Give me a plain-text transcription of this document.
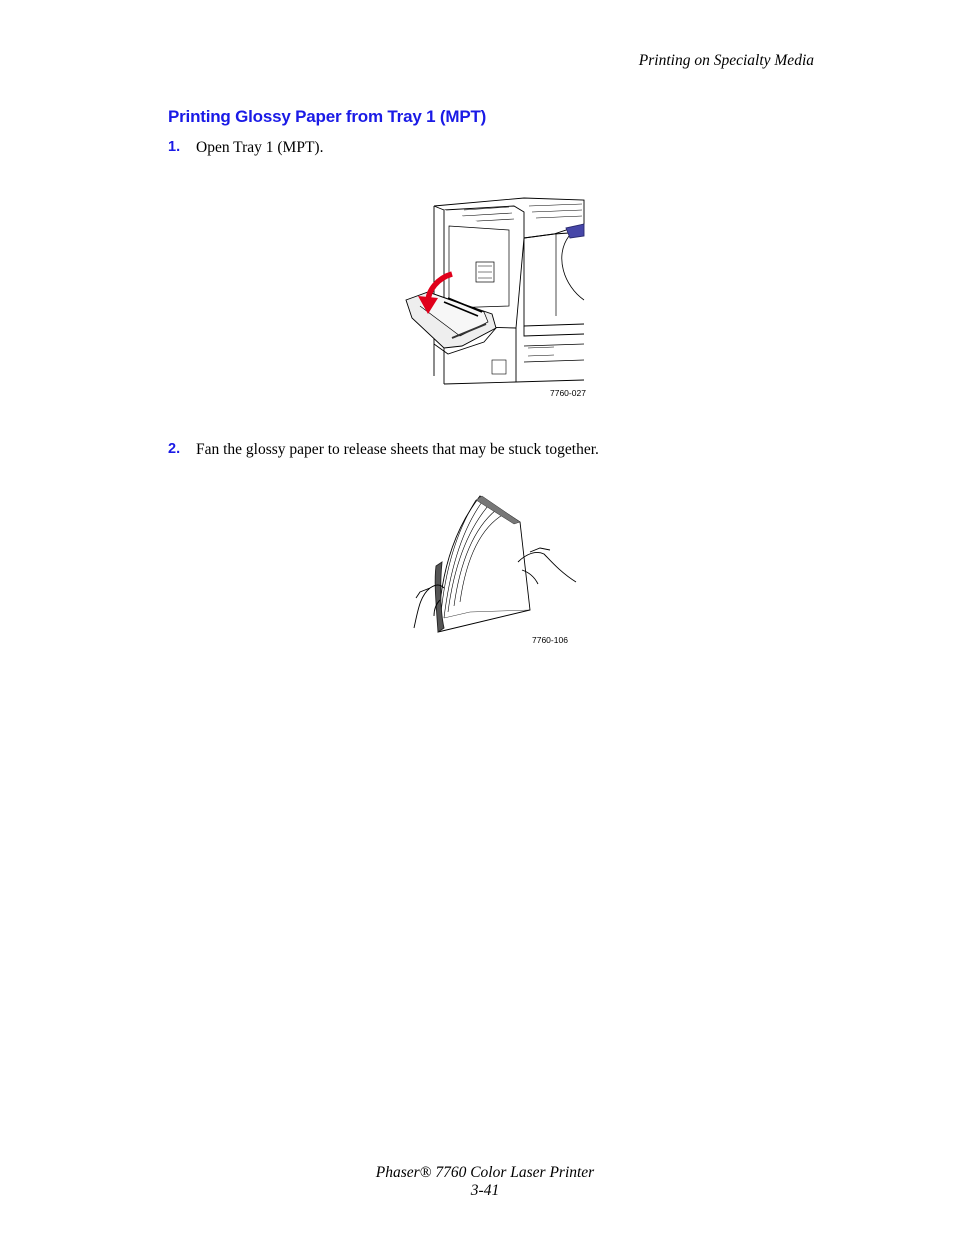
Printing on Specialty Media
Printing Glossy Paper from Tray 1 (MPT)
1.	Open Tray 1 (MPT).
7760-027
2.	Fan the glossy paper to release sheets that may be stuck together.
7760-106
Phaser® 7760 Color Laser Printer
3-41
